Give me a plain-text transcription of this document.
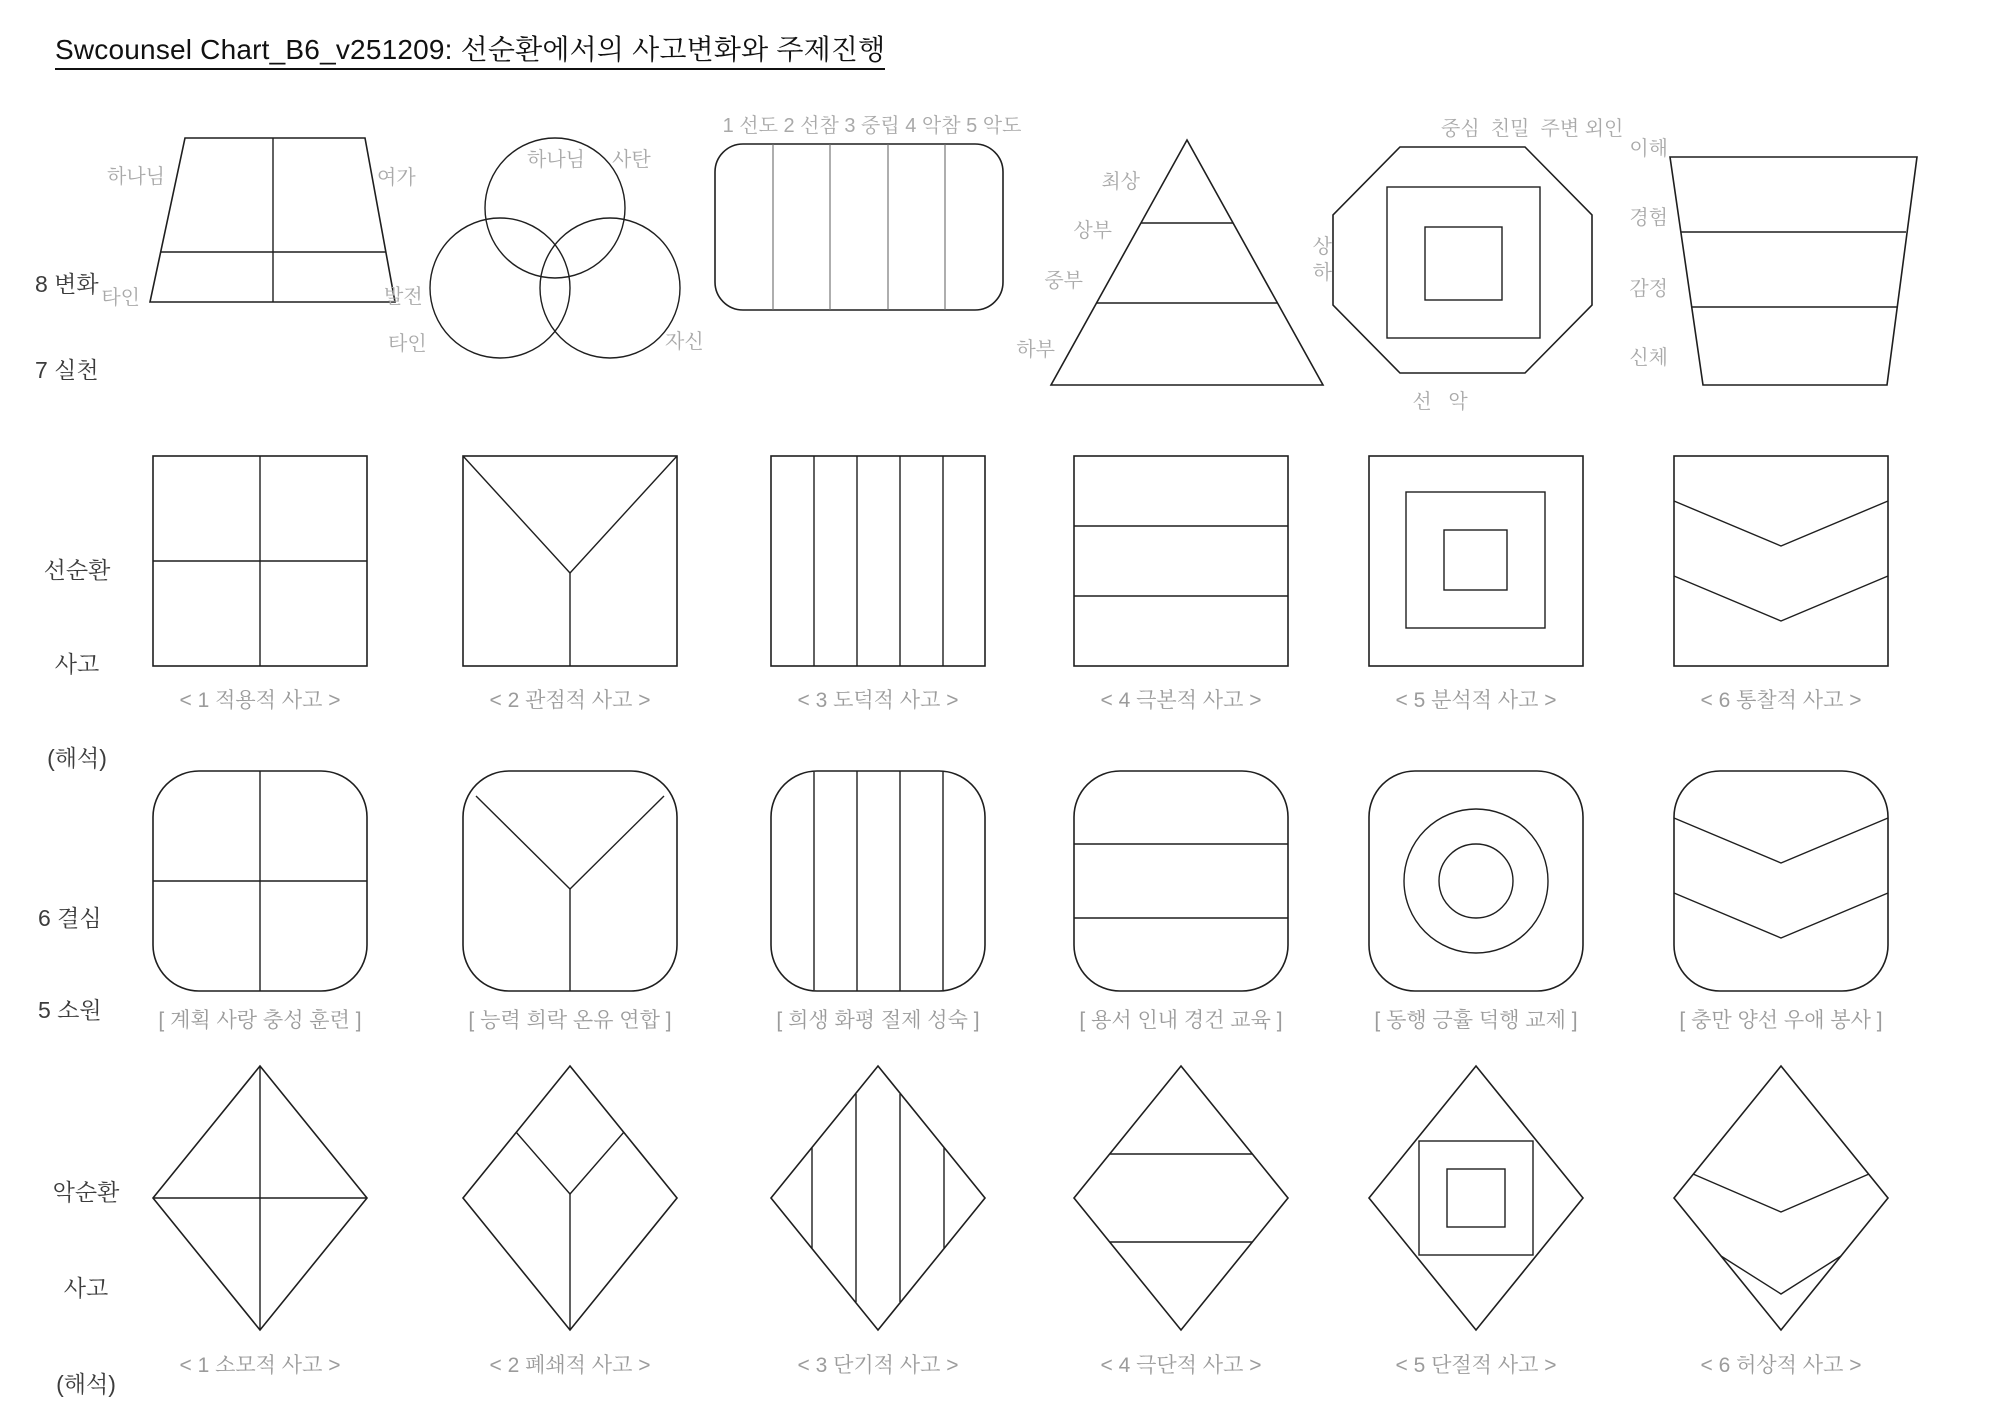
Swcounsel Chart_B6_v251209: 선순환에서의 사고변화와 주제진행

8 변화

7 실천

하나님	여가
타인	발전
하나님	사탄
타인	자신
1 선도 2 선참 3 중립 4 악참 5 악도
최상
상부
중부
하부
중심  친밀  주변 외인
상
하
선   악
이해
경험
감정
신체

선순환

사고

(해석)

< 1 적용적 사고 >	< 2 관점적 사고 >	< 3 도덕적 사고 >	< 4 극본적 사고 >	< 5 분석적 사고 >	< 6 통찰적 사고 >

6 결심

5 소원

	[ 계획 사랑 충성 훈련 ]	[ 능력 희락 온유 연합 ]	[ 희생 화평 절제 성숙 ]	[ 용서 인내 경건 교육 ]	[ 동행 긍휼 덕행 교제 ]	[ 충만 양선 우애 봉사 ]

악순환

사고

(해석)

< 1 소모적 사고 >	< 2 폐쇄적 사고 >	< 3 단기적 사고 >	< 4 극단적 사고 >	< 5 단절적 사고 >	< 6 허상적 사고 >
